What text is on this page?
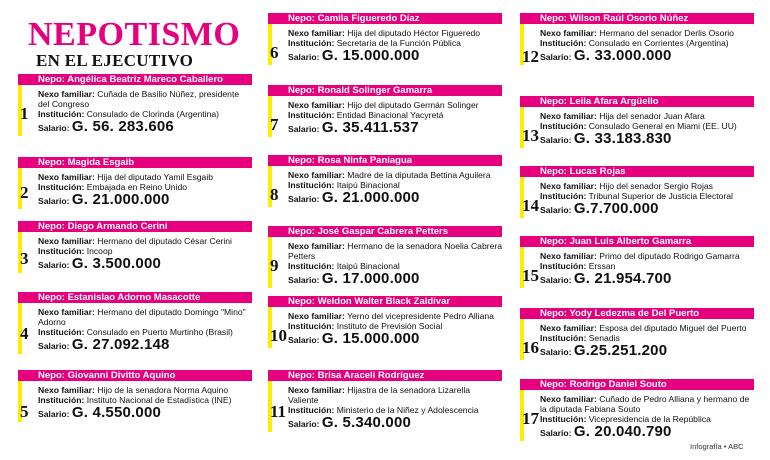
NEPOTISMO
EN EL EJECUTIVO
Nepo: Angélica Beatriz Mareco Caballero
1
Nexo familiar: Cuñada de Basilio Núñez, presidente del Congreso
Institución: Consulado de Clorinda (Argentina)
Salario: G. 56. 283.606
Nepo: Magida Esgaib
2
Nexo familiar: Hija del diputado Yamil Esgaib
Institución: Embajada en Reino Unido
Salario: G. 21.000.000
Nepo: Diego Armando Cerini
3
Nexo familiar: Hermano del diputado César Cerini
Institución: Incoop
Salario: G. 3.500.000
Nepo: Estanislao Adorno Masacotte
4
Nexo familiar: Hermano del diputado Domingo "Mino" Adorno
Institución: Consulado en Puerto Murtinho (Brasil)
Salario: G. 27.092.148
Nepo: Giovanni Divitto Aquino
5
Nexo familiar: Hijo de la senadora Norma Aquino
Institución: Instituto Nacional de Estadística (INE)
Salario: G. 4.550.000
Nepo: Camila Figueredo Díaz
6
Nexo familiar: Hija del diputado Héctor Figueredo
Institución: Secretaría de la Función Pública
Salario: G. 15.000.000
Nepo: Ronald Solinger Gamarra
7
Nexo familiar: Hijo del diputado Germán Solinger
Institución: Entidad Binacional Yacyretá
Salario: G. 35.411.537
Nepo: Rosa Ninfa Paniagua
8
Nexo familiar: Madre de la diputada Bettina Aguilera
Institución: Itaipú Binacional
Salario: G. 21.000.000
Nepo: José Gaspar Cabrera Petters
9
Nexo familiar: Hermano de la senadora Noelia Cabrera Petters
Institución: Itaipú Binacional
Salario: G. 17.000.000
Nepo: Weldon Walter Black Zaldívar
10
Nexo familiar: Yerno del vicepresidente Pedro Alliana
Institución: Instituto de Previsión Social
Salario: G. 15.000.000
Nepo: Brisa Araceli Rodríguez
11
Nexo familiar: Hijastra de la senadora Lizarella Valiente
Institución: Ministerio de la Niñez y Adolescencia
Salario: G. 5.340.000
Nepo: Wilson Raúl Osorio Núñez
12
Nexo familiar: Hermano del senador Derlis Osorio
Institución: Consulado en Corrientes (Argentina)
Salario: G. 33.000.000
Nepo: Leila Afara Argüello
13
Nexo familiar: Hija del senador Juan Afara
Institución: Consulado General en Miami (EE. UU)
Salario: G. 33.183.830
Nepo: Lucas Rojas
14
Nexo familiar: Hijo del senador Sergio Rojas
Institución: Tribunal Superior de Justicia Electoral
Salario: G.7.700.000
Nepo: Juan Luis Alberto Gamarra
15
Nexo familiar: Primo del diputado Rodrigo Gamarra
Institución: Erssan
Salario: G. 21.954.700
Nepo: Yody Ledezma de Del Puerto
16
Nexo familiar: Esposa del diputado Miguel del Puerto
Institución: Senadis
Salario: G.25.251.200
Nepo: Rodrigo Daniel Souto
17
Nexo familiar: Cuñado de Pedro Alliana y hermano de la diputada Fabiana Souto
Institución: Vicepresidencia de la República
Salario: G. 20.040.790
Infografía • ABC
